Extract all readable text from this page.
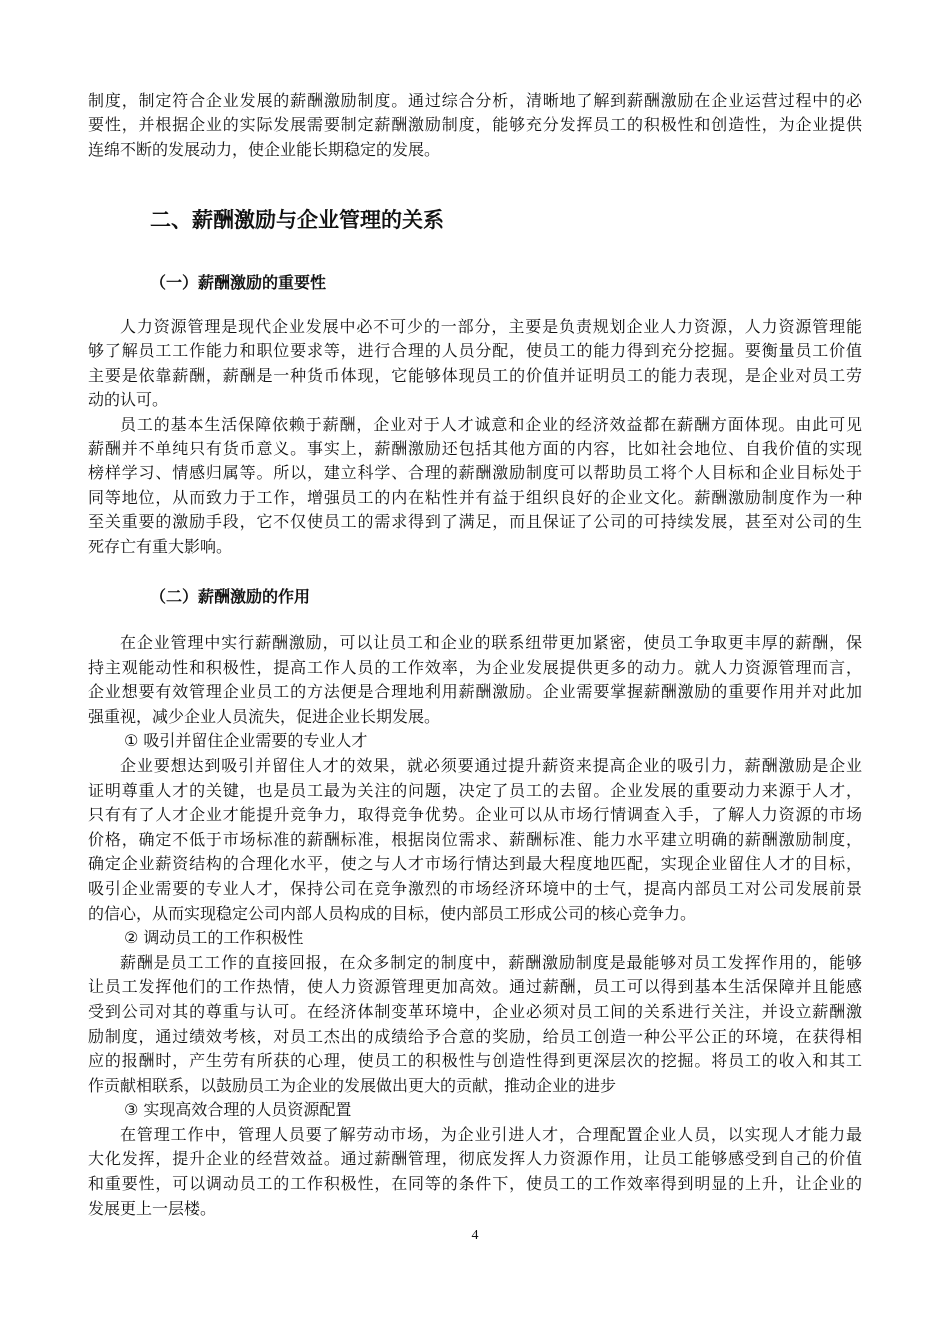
制度，制定符合企业发展的薪酬激励制度。通过综合分析，清晰地了解到薪酬激励在企业运营过程中的必
要性，并根据企业的实际发展需要制定薪酬激励制度，能够充分发挥员工的积极性和创造性，为企业提供
连绵不断的发展动力，使企业能长期稳定的发展。
二、薪酬激励与企业管理的关系
（一）薪酬激励的重要性
人力资源管理是现代企业发展中必不可少的一部分，主要是负责规划企业人力资源，人力资源管理能
够了解员工工作能力和职位要求等，进行合理的人员分配，使员工的能力得到充分挖掘。要衡量员工价值
主要是依靠薪酬，薪酬是一种货币体现，它能够体现员工的价值并证明员工的能力表现，是企业对员工劳
动的认可。
员工的基本生活保障依赖于薪酬，企业对于人才诚意和企业的经济效益都在薪酬方面体现。由此可见
薪酬并不单纯只有货币意义。事实上，薪酬激励还包括其他方面的内容，比如社会地位、自我价值的实现
榜样学习、情感归属等。所以，建立科学、合理的薪酬激励制度可以帮助员工将个人目标和企业目标处于
同等地位，从而致力于工作，增强员工的内在粘性并有益于组织良好的企业文化。薪酬激励制度作为一种
至关重要的激励手段，它不仅使员工的需求得到了满足，而且保证了公司的可持续发展，甚至对公司的生
死存亡有重大影响。
（二）薪酬激励的作用
在企业管理中实行薪酬激励，可以让员工和企业的联系纽带更加紧密，使员工争取更丰厚的薪酬，保
持主观能动性和积极性，提高工作人员的工作效率，为企业发展提供更多的动力。就人力资源管理而言，
企业想要有效管理企业员工的方法便是合理地利用薪酬激励。企业需要掌握薪酬激励的重要作用并对此加
强重视，减少企业人员流失，促进企业长期发展。
① 吸引并留住企业需要的专业人才
企业要想达到吸引并留住人才的效果，就必须要通过提升薪资来提高企业的吸引力，薪酬激励是企业
证明尊重人才的关键，也是员工最为关注的问题，决定了员工的去留。企业发展的重要动力来源于人才，
只有有了人才企业才能提升竞争力，取得竞争优势。企业可以从市场行情调查入手，了解人力资源的市场
价格，确定不低于市场标准的薪酬标准，根据岗位需求、薪酬标准、能力水平建立明确的薪酬激励制度，
确定企业薪资结构的合理化水平，使之与人才市场行情达到最大程度地匹配，实现企业留住人才的目标，
吸引企业需要的专业人才，保持公司在竞争激烈的市场经济环境中的士气，提高内部员工对公司发展前景
的信心，从而实现稳定公司内部人员构成的目标，使内部员工形成公司的核心竞争力。
② 调动员工的工作积极性
薪酬是员工工作的直接回报，在众多制定的制度中，薪酬激励制度是最能够对员工发挥作用的，能够
让员工发挥他们的工作热情，使人力资源管理更加高效。通过薪酬，员工可以得到基本生活保障并且能感
受到公司对其的尊重与认可。在经济体制变革环境中，企业必须对员工间的关系进行关注，并设立薪酬激
励制度，通过绩效考核，对员工杰出的成绩给予合意的奖励，给员工创造一种公平公正的环境，在获得相
应的报酬时，产生劳有所获的心理，使员工的积极性与创造性得到更深层次的挖掘。将员工的收入和其工
作贡献相联系，以鼓励员工为企业的发展做出更大的贡献，推动企业的进步
③ 实现高效合理的人员资源配置
在管理工作中，管理人员要了解劳动市场，为企业引进人才，合理配置企业人员，以实现人才能力最
大化发挥，提升企业的经营效益。通过薪酬管理，彻底发挥人力资源作用，让员工能够感受到自己的价值
和重要性，可以调动员工的工作积极性，在同等的条件下，使员工的工作效率得到明显的上升，让企业的
发展更上一层楼。
4
